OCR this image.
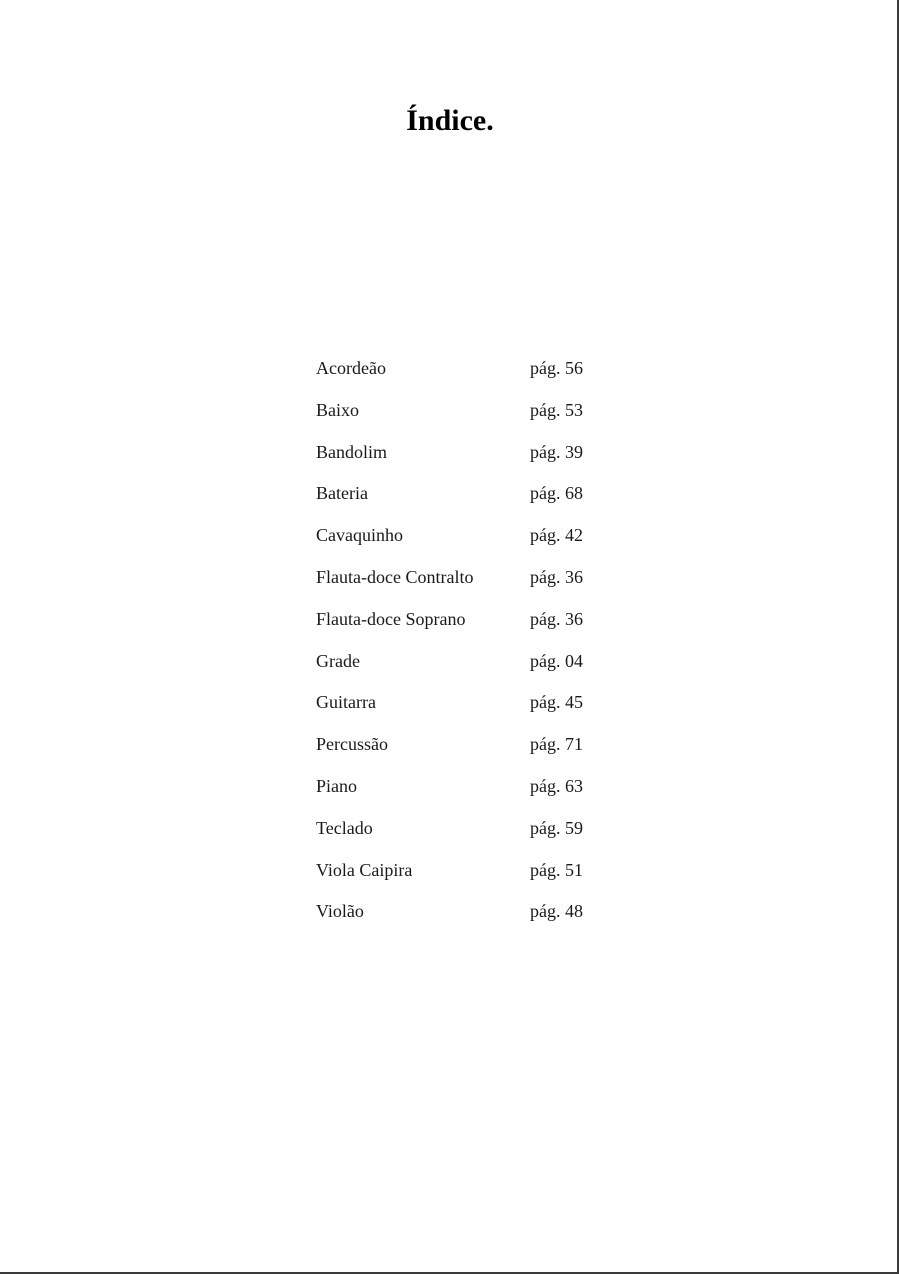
Índice.
Acordeão	pág. 56
Baixo	pág. 53
Bandolim	pág. 39
Bateria	pág. 68
Cavaquinho	pág. 42
Flauta-doce Contralto	pág. 36
Flauta-doce Soprano	pág. 36
Grade	pág. 04
Guitarra	pág. 45
Percussão	pág. 71
Piano	pág. 63
Teclado	pág. 59
Viola Caipira	pág. 51
Violão	pág. 48
